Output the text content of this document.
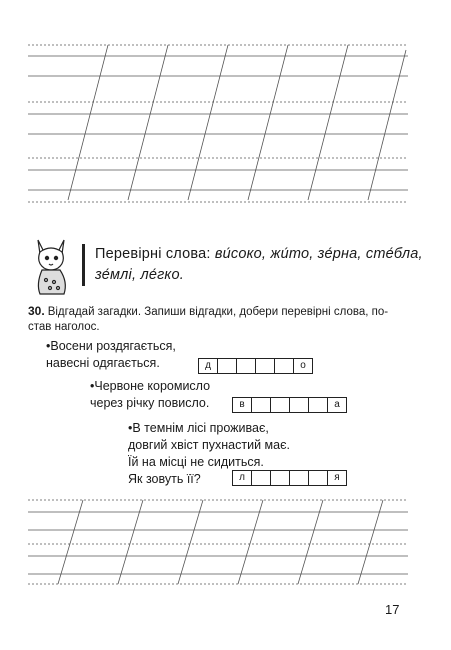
Перевірні слова: ви́соко, жи́то, зе́рна, сте́бла, зе́млі, ле́гко.
30. Відгадай загадки. Запиши відгадки, добери перевірні слова, по- став наголос.
•Восени роздягається,
навесні одягається.	д	о
•Червоне коромисло
через річку повисло.	в	а
•В темнім лісі проживає,
довгий хвіст пухнастий має.
Їй на місці не сидиться.
Як зовуть її?	л	я
17
